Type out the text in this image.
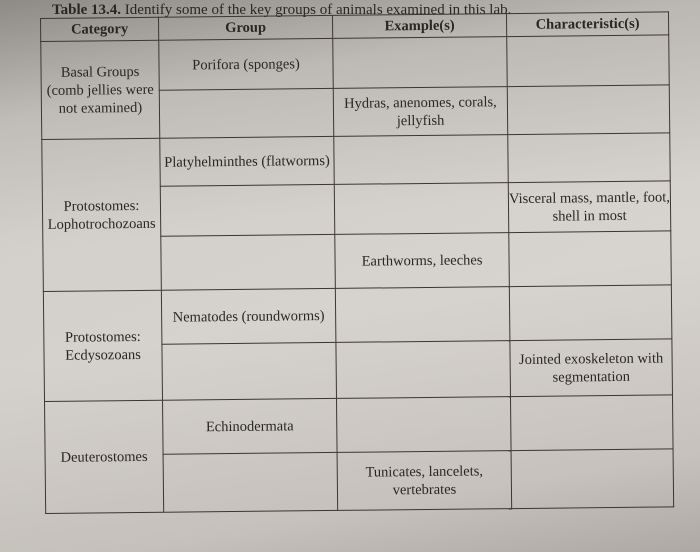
Table 13.4. Identify some of the key groups of animals examined in this lab.
Category	Group	Example(s)	Characteristic(s)
Basal Groups (comb jellies were not examined)	Porifora (sponges)		
		Hydras, anenomes, corals, jellyfish	
Protostomes: Lophotrochozoans	Platyhelminthes (flatworms)		
			Visceral mass, mantle, foot, shell in most
		Earthworms, leeches	
Protostomes: Ecdysozoans	Nematodes (roundworms)		
			Jointed exoskeleton with segmentation
Deuterostomes	Echinodermata		
		Tunicates, lancelets, vertebrates	
